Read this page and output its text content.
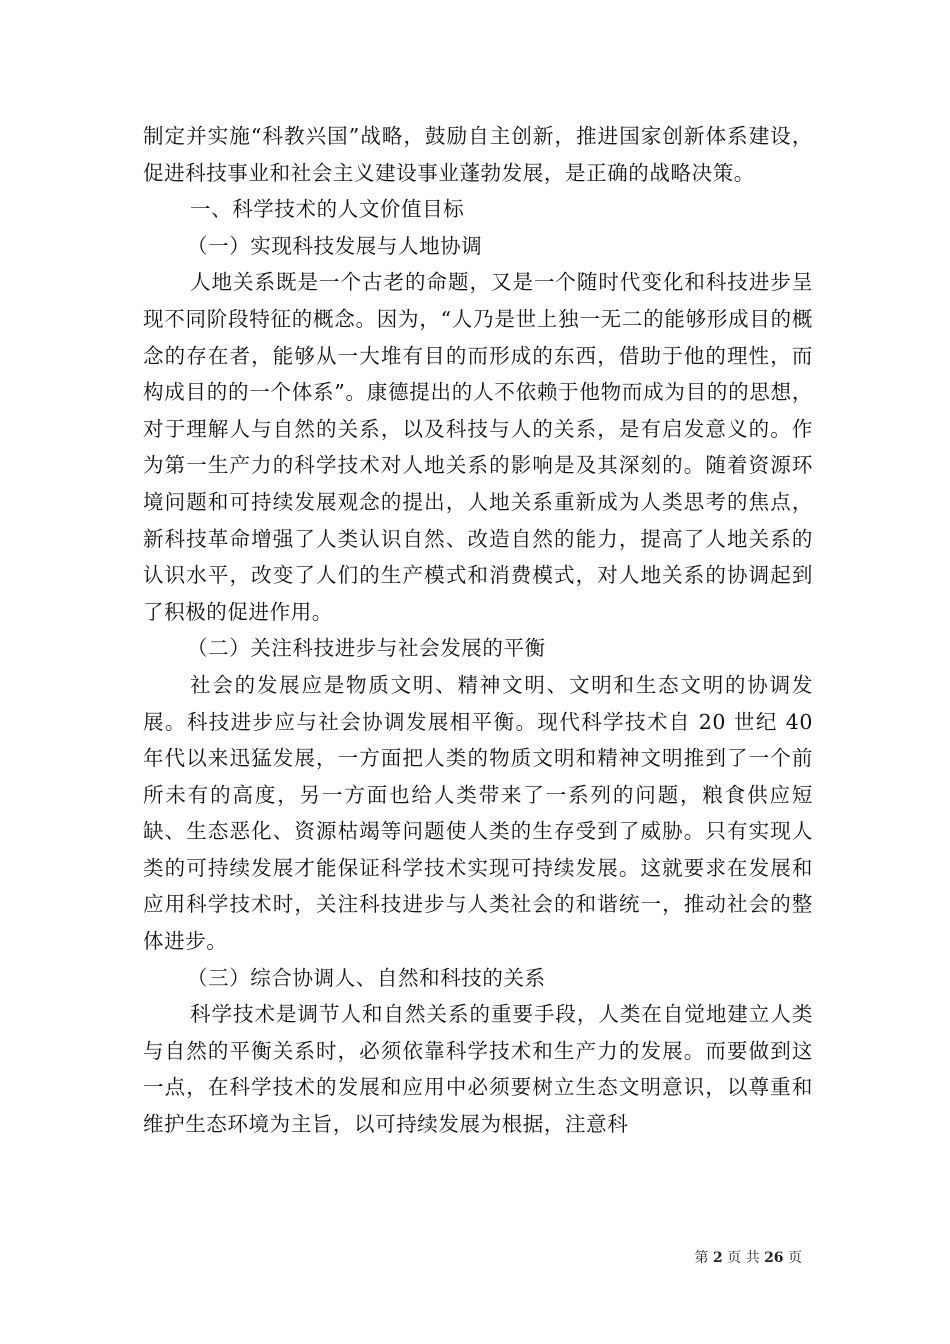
制定并实施“科教兴国”战略，鼓励自主创新，推进国家创新体系建设，促进科技事业和社会主义建设事业蓬勃发展，是正确的战略决策。

一、科学技术的人文价值目标

（一）实现科技发展与人地协调

人地关系既是一个古老的命题，又是一个随时代变化和科技进步呈现不同阶段特征的概念。因为，“人乃是世上独一无二的能够形成目的概念的存在者，能够从一大堆有目的而形成的东西，借助于他的理性，而构成目的的一个体系”。康德提出的人不依赖于他物而成为目的的思想，对于理解人与自然的关系，以及科技与人的关系，是有启发意义的。作为第一生产力的科学技术对人地关系的影响是及其深刻的。随着资源环境问题和可持续发展观念的提出，人地关系重新成为人类思考的焦点，新科技革命增强了人类认识自然、改造自然的能力，提高了人地关系的认识水平，改变了人们的生产模式和消费模式，对人地关系的协调起到了积极的促进作用。

（二）关注科技进步与社会发展的平衡

社会的发展应是物质文明、精神文明、文明和生态文明的协调发展。科技进步应与社会协调发展相平衡。现代科学技术自 20 世纪 40 年代以来迅猛发展，一方面把人类的物质文明和精神文明推到了一个前所未有的高度，另一方面也给人类带来了一系列的问题，粮食供应短缺、生态恶化、资源枯竭等问题使人类的生存受到了威胁。只有实现人类的可持续发展才能保证科学技术实现可持续发展。这就要求在发展和应用科学技术时，关注科技进步与人类社会的和谐统一，推动社会的整体进步。

（三）综合协调人、自然和科技的关系

科学技术是调节人和自然关系的重要手段，人类在自觉地建立人类与自然的平衡关系时，必须依靠科学技术和生产力的发展。而要做到这一点，在科学技术的发展和应用中必须要树立生态文明意识，以尊重和维护生态环境为主旨，以可持续发展为根据，注意科

第 2 页 共 26 页
